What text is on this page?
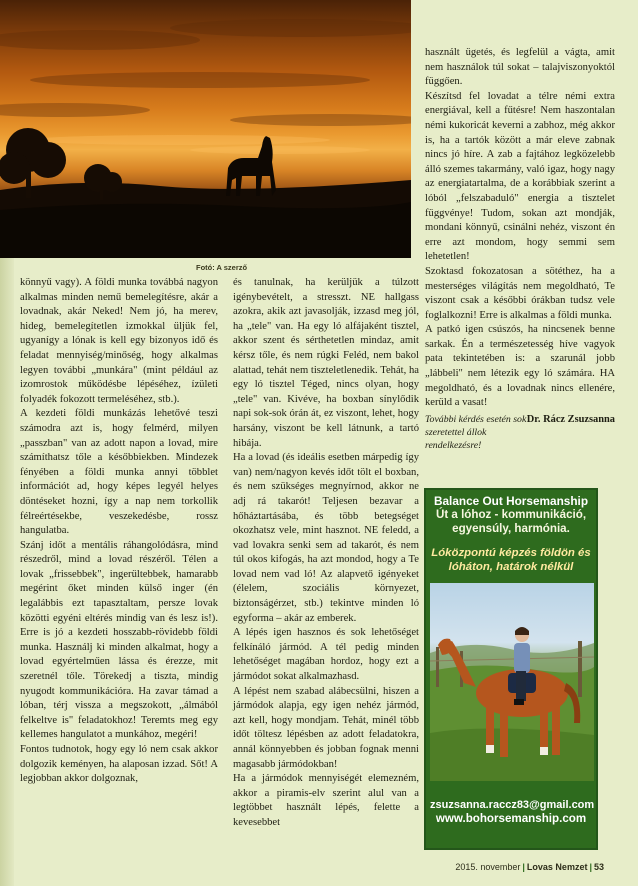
Fotó: A szerző

könnyű vagy). A földi munka továbbá nagyon alkalmas minden nemű bemelegítésre, akár a lovadnak, akár Neked! Nem jó, ha merev, hideg, bemelegítetlen izmokkal üljük fel, ugyanígy a lónak is kell egy bizonyos idő és feladat mennyiség/minőség, hogy alkalmas legyen további „munkára" (mint például az izomrostok működésbe lépéséhez, ízületi folyadék fokozott termeléséhez, stb.).

A kezdeti földi munkázás lehetővé teszi számodra azt is, hogy felmérd, milyen „passzban" van az adott napon a lovad, mire számíthatsz tőle a későbbiekben. Mindezek fényében a földi munka annyi többlet információt ad, hogy képes legyél helyes döntéseket hozni, így a nap nem torkollik félreértésekbe, veszekedésbe, rossz hangulatba.

Szánj időt a mentális ráhangolódásra, mind részedről, mind a lovad részéről. Télen a lovak „frissebbek", ingerültebbek, hamarabb megérint őket minden külső inger (én legalábbis ezt tapasztaltam, persze lovak közötti egyéni eltérés mindig van és lesz is!). Erre is jó a kezdeti hosszabb-rövidebb földi munka. Használj ki minden alkalmat, hogy a lovad egyértelműen lássa és érezze, mit szeretnél tőle. Törekedj a tiszta, mindig nyugodt kommunikációra. Ha zavar támad a lóban, térj vissza a megszokott, „álmából felkeltve is" feladatokhoz! Teremts meg egy kellemes hangulatot a munkához, megéri!

Fontos tudnotok, hogy egy ló nem csak akkor dolgozik keményen, ha alaposan izzad. Sőt! A legjobban akkor dolgoznak,

és tanulnak, ha kerüljük a túlzott igénybevételt, a stresszt. NE hallgass azokra, akik azt javasolják, izzasd meg jól, ha „tele" van. Ha egy ló alfájaként tisztel, akkor szent és sérthetetlen mindaz, amit kérsz tőle, és nem rúgki Feléd, nem bakol alattad, tehát nem tiszteletlenedik. Tehát, ha egy ló tisztel Téged, nincs olyan, hogy „tele" van. Kivéve, ha boxban sínylődik napi sok-sok órán át, ez viszont, lehet, hogy harsány, viszont be kell látnunk, a tartó hibája.

Ha a lovad (és ideális esetben márpedig így van) nem/nagyon kevés időt tölt el boxban, és nem szükséges megnyírnod, akkor ne adj rá takarót! Teljesen bezavar a hőháztartásába, és több betegséget okozhatsz vele, mint hasznot. NE feledd, a vad lovakra senki sem ad takarót, és nem túl okos kifogás, ha azt mondod, hogy a Te lovad nem vad ló! Az alapvető igényeket (élelem, szociális környezet, biztonságérzet, stb.) tekintve minden ló egyforma – akár az emberek.

A lépés igen hasznos és sok lehetőséget felkínáló jármód. A tél pedig minden lehetőséget magában hordoz, hogy ezt a jármódot sokat alkalmazhasd.

A lépést nem szabad alábecsülni, hiszen a jármódok alapja, egy igen nehéz jármód, azt kell, hogy mondjam. Tehát, minél több időt töltesz lépésben az adott feladatokra, annál könnyebben és jobban fognak menni magasabb jármódokban!

Ha a jármódok mennyiségét elemezném, akkor a piramis-elv szerint alul van a legtöbbet használt lépés, felette a kevesebbet

használt ügetés, és legfelül a vágta, amit nem használok túl sokat – talajviszonyoktól függően.

Készítsd fel lovadat a télre némi extra energiával, kell a fűtésre! Nem haszontalan némi kukoricát keverni a zabhoz, még akkor is, ha a tartók között a már eleve zabnak nincs jó híre. A zab a fajtához legközelebb álló szemes takarmány, való igaz, hogy nagy az energiatartalma, de a korábbiak szerint a lóból „felszabaduló" energia a tisztelet függvénye! Tudom, sokan azt mondják, mondani könnyű, csinálni nehéz, viszont én erre azt mondom, hogy semmi sem lehetetlen!

Szoktasd fokozatosan a sötéthez, ha a mesterséges világítás nem megoldható, Te viszont csak a későbbi órákban tudsz vele foglalkozni! Erre is alkalmas a földi munka.

A patkó igen csúszós, ha nincsenek benne sarkak. Én a természetesség híve vagyok pata tekintetében is: a szarunál jobb „lábbeli" nem létezik egy ló számára. HA megoldható, és a lovadnak nincs ellenére, kerüld a vasat!

További kérdés esetén sok szeretettel állok rendelkezésre!
Dr. Rácz Zsuzsanna
Balance Out Horsemanship
Út a lóhoz - kommunikáció, egyensúly, harmónia.
Lóközpontú képzés földön és lóháton, határok nélkül
zsuzsanna.raccz83@gmail.com
www.bohorsemanship.com
2015. november | Lovas Nemzet | 53
